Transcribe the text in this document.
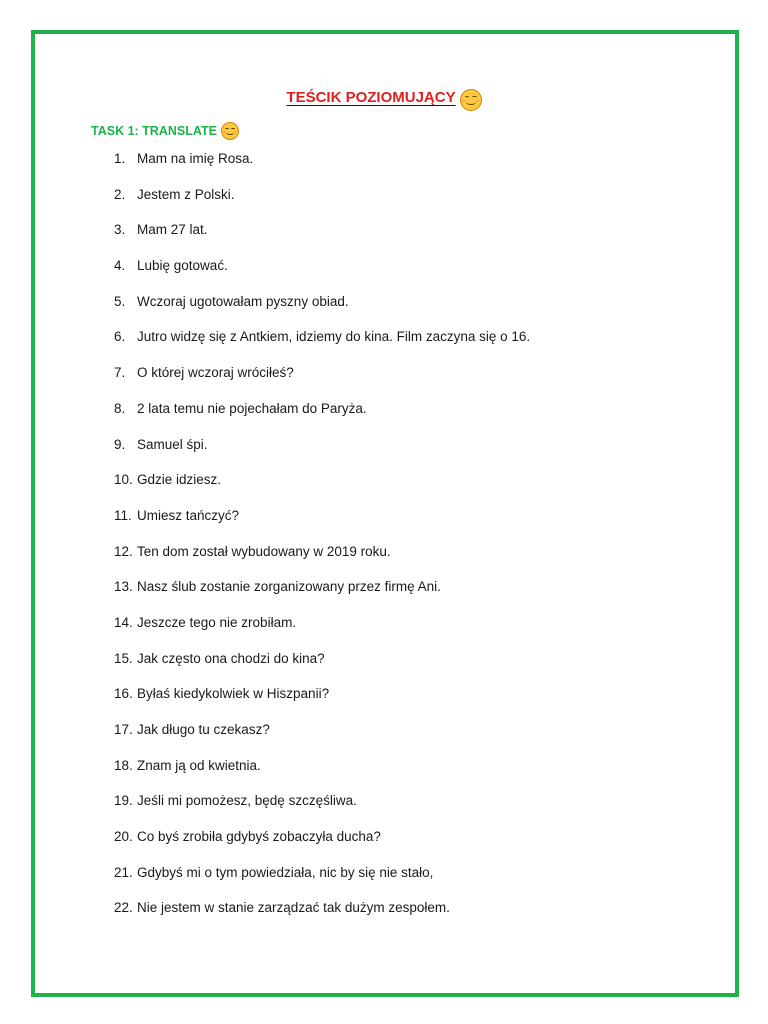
TEŚCIK POZIOMUJĄCY
TASK 1: TRANSLATE
1. Mam na imię Rosa.
2. Jestem z Polski.
3. Mam 27 lat.
4. Lubię gotować.
5. Wczoraj ugotowałam pyszny obiad.
6. Jutro widzę się z Antkiem, idziemy do kina. Film zaczyna się o 16.
7. O której wczoraj wróciłeś?
8. 2 lata temu nie pojechałam do Paryża.
9. Samuel śpi.
10. Gdzie idziesz.
11. Umiesz tańczyć?
12. Ten dom został wybudowany w 2019 roku.
13. Nasz ślub zostanie zorganizowany przez firmę Ani.
14. Jeszcze tego nie zrobiłam.
15. Jak często ona chodzi do kina?
16. Byłaś kiedykolwiek w Hiszpanii?
17. Jak długo tu czekasz?
18. Znam ją od kwietnia.
19. Jeśli mi pomożesz, będę szczęśliwa.
20. Co byś zrobiła gdybyś zobaczyła ducha?
21. Gdybyś mi o tym powiedziała, nic by się nie stało,
22. Nie jestem w stanie zarządzać tak dużym zespołem.
